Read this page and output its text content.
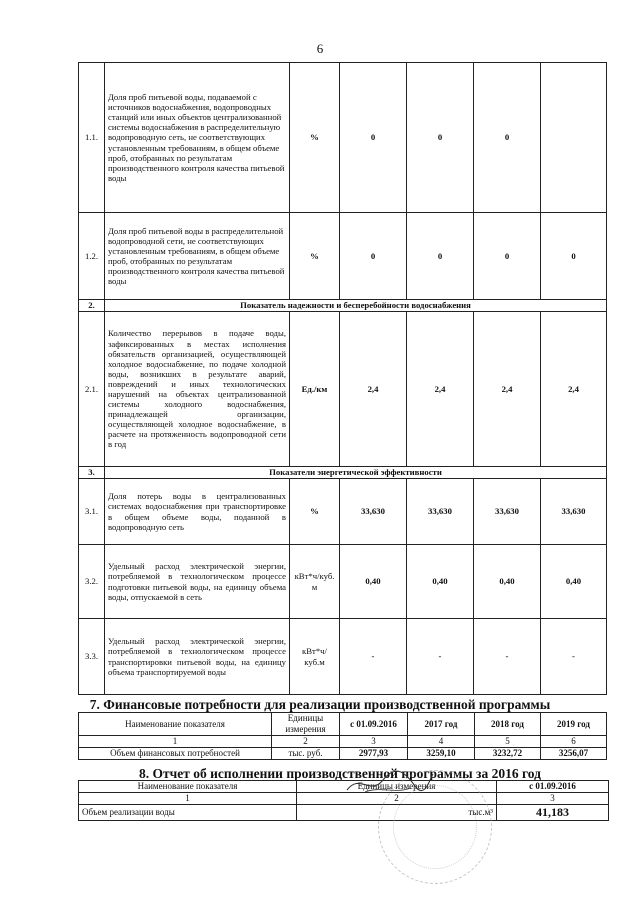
6
1.1.	Доля проб питьевой воды, подаваемой с источников водоснабжения, водопроводных станций или иных объектов централизованной системы водоснабжения в распределительную водопроводную сеть, не соответствующих установленным требованиям, в общем объеме проб, отобранных по результатам производственного контроля качества питьевой воды	%	0	0	0	
1.2.	Доля проб питьевой воды в распределительной водопроводной сети, не соответствующих установленным требованиям, в общем объеме проб, отобранных по результатам производственного контроля качества питьевой воды	%	0	0	0	0
2.	Показатель надежности и бесперебойности водоснабжения					
2.1.	Количество перерывов в подаче воды, зафиксированных в местах исполнения обязательств организацией, осуществляющей холодное водоснабжение, по подаче холодной воды, возникших в результате аварий, повреждений и иных технологических нарушений на объектах централизованной системы холодного водоснабжения, принадлежащей организации, осуществляющей холодное водоснабжение, в расчете на протяженность водопроводной сети в год	Ед./км	2,4	2,4	2,4	2,4
3.	Показатели энергетической эффективности					
3.1.	Доля потерь воды в централизованных системах водоснабжения при транспортировке в общем объеме воды, поданной в водопроводную сеть	%	33,630	33,630	33,630	33,630
3.2.	Удельный расход электрической энергии, потребляемой в технологическом процессе подготовки питьевой воды, на единицу объема воды, отпускаемой в сеть	кВт*ч/куб. м	0,40	0,40	0,40	0,40
3.3.	Удельный расход электрической энергии, потребляемой в технологическом процессе транспортировки питьевой воды, на единицу объема транспортируемой воды	кВт*ч/куб.м	-	-	-	-
7. Финансовые потребности для реализации производственной программы
Наименование показателя	Единицы измерения	с 01.09.2016	2017 год	2018 год	2019 год
1	2	3	4	5	6
Объем финансовых потребностей	тыс. руб.	2977,93	3259,10	3232,72	3256,07
8. Отчет об исполнении производственной программы за 2016 год
Наименование показателя	Единицы измерения	с 01.09.2016
1	2	3
Объем реализации воды	тыс.м³	41,183
